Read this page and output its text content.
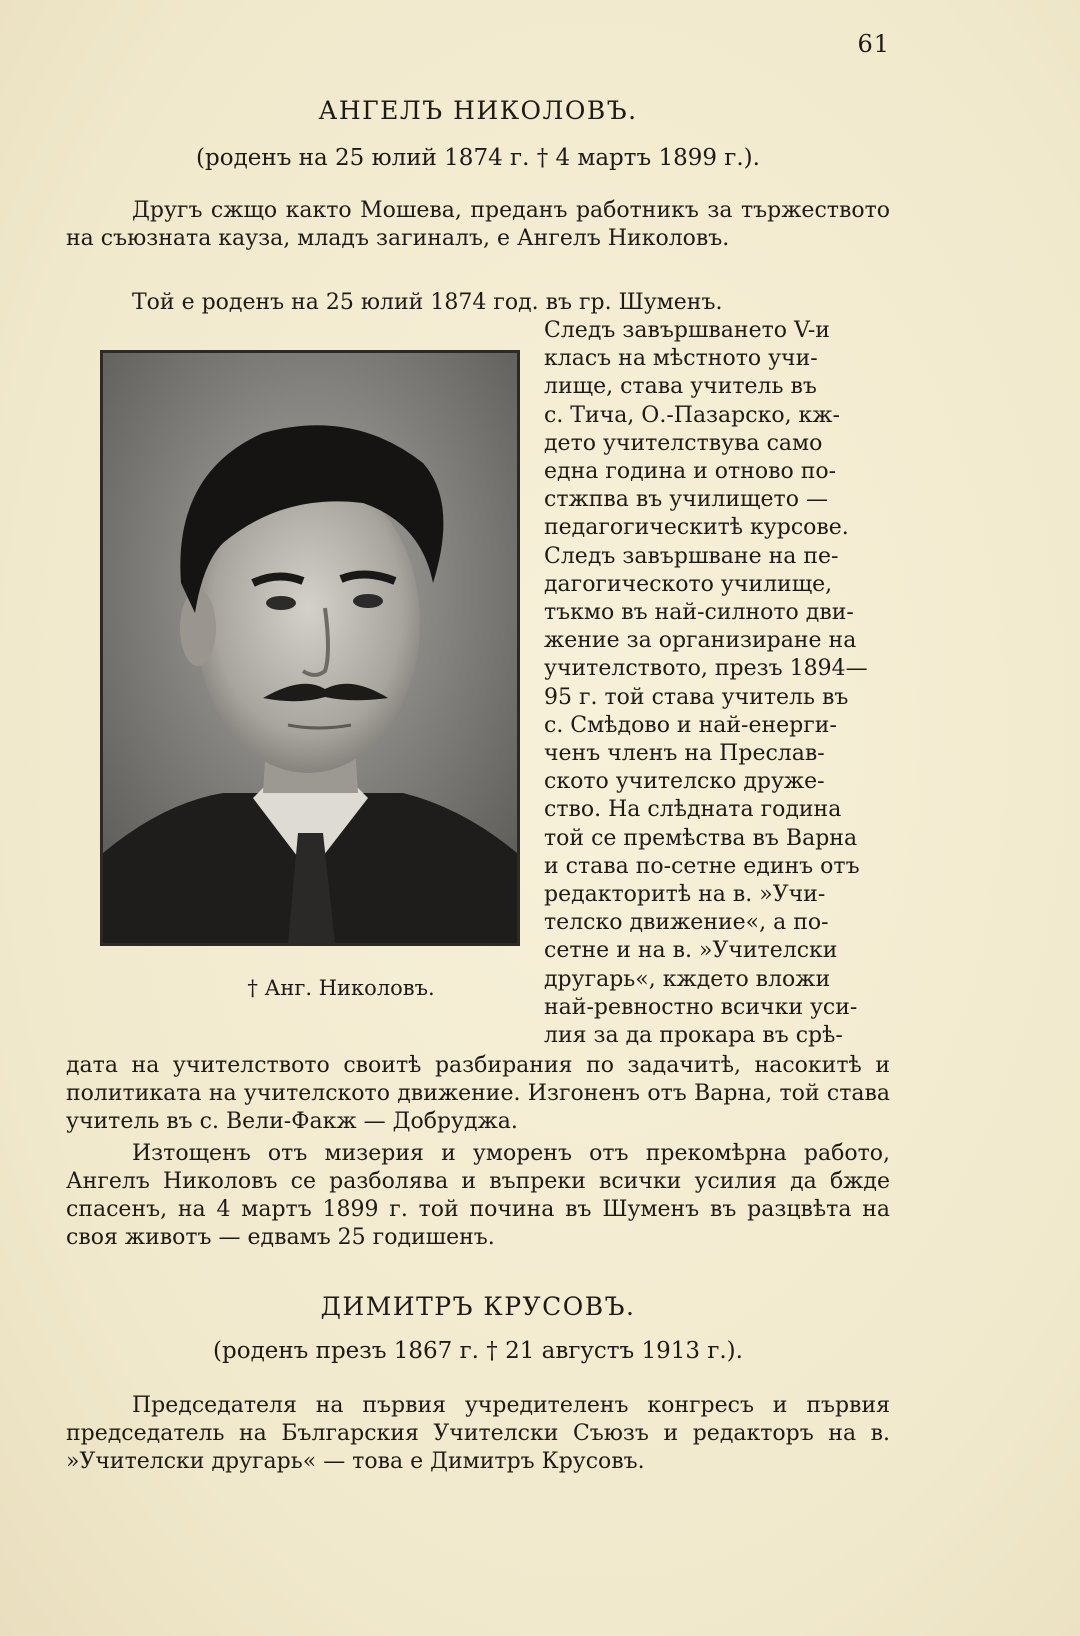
61
АНГЕЛЪ НИКОЛОВЪ.

(роденъ на 25 юлий 1874 г. † 4 мартъ 1899 г.).

Другъ сжщо както Мошева, преданъ работникъ за тържеството на съюзната кауза, младъ загиналъ, е Ангелъ Николовъ.

Той е роденъ на 25 юлий 1874 год. въ гр. Шуменъ.

† Анг. Николовъ.
Следъ завършването V-и
класъ на мѣстното учи-
лище, става учитель въ
с. Тича, О.-Пазарско, кж-
дето учителствува само
една година и отново по-
стжпва въ училището —
педагогическитѣ курсове.
Следъ завършване на пе-
дагогическото училище,
тъкмо въ най-силното дви-
жение за организиране на
учителството, презъ 1894—
95 г. той става учитель въ
с. Смѣдово и най-енерги-
ченъ членъ на Преслав-
ското учителско друже-
ство. На слѣдната година
той се премѣства въ Варна
и става по-сетне единъ отъ
редакторитѣ на в. »Учи-
телско движение«, а по-
сетне и на в. »Учителски
другарь«, кждето вложи
най-ревностно всички уси-
лия за да прокара въ срѣ-

дата на учителството своитѣ разбирания по задачитѣ, насокитѣ и политиката на учителското движение. Изгоненъ отъ Варна, той става учитель въ с. Вели-Факж — Добруджа.

Изтощенъ отъ мизерия и уморенъ отъ прекомѣрна работо, Ангелъ Николовъ се разболява и въпреки всички усилия да бжде спасенъ, на 4 мартъ 1899 г. той почина въ Шуменъ въ разцвѣта на своя животъ — едвамъ 25 годишенъ.

ДИМИТРЪ КРУСОВЪ.

(роденъ презъ 1867 г. † 21 августъ 1913 г.).

Председателя на първия учредителенъ конгресъ и първия председатель на Българския Учителски Съюзъ и редакторъ на в. »Учителски другарь« — това е Димитръ Крусовъ.
